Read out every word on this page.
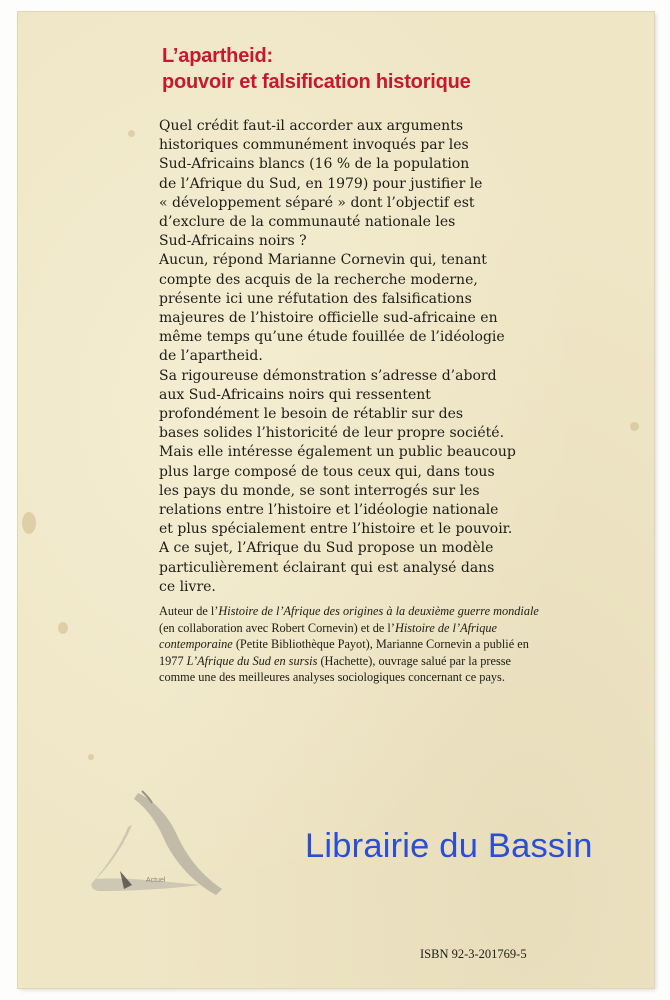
L’apartheid:
pouvoir et falsification historique

Quel crédit faut-il accorder aux arguments

historiques communément invoqués par les

Sud-Africains blancs (16 % de la population

de l’Afrique du Sud, en 1979) pour justifier le

« développement séparé » dont l’objectif est

d’exclure de la communauté nationale les

Sud-Africains noirs ?

Aucun, répond Marianne Cornevin qui, tenant

compte des acquis de la recherche moderne,

présente ici une réfutation des falsifications

majeures de l’histoire officielle sud-africaine en

même temps qu’une étude fouillée de l’idéologie

de l’apartheid.

Sa rigoureuse démonstration s’adresse d’abord

aux Sud-Africains noirs qui ressentent

profondément le besoin de rétablir sur des

bases solides l’historicité de leur propre société.

Mais elle intéresse également un public beaucoup

plus large composé de tous ceux qui, dans tous

les pays du monde, se sont interrogés sur les

relations entre l’histoire et l’idéologie nationale

et plus spécialement entre l’histoire et le pouvoir.

A ce sujet, l’Afrique du Sud propose un modèle

particulièrement éclairant qui est analysé dans

ce livre.

Auteur de l’Histoire de l’Afrique des origines à la deuxième guerre mondiale (en collaboration avec Robert Cornevin) et de l’Histoire de l’Afrique contemporaine (Petite Bibliothèque Payot), Marianne Cornevin a publié en 1977 L’Afrique du Sud en sursis (Hachette), ouvrage salué par la presse comme une des meilleures analyses sociologiques concernant ce pays.

Actuel
Librairie du Bassin
ISBN 92-3-201769-5
